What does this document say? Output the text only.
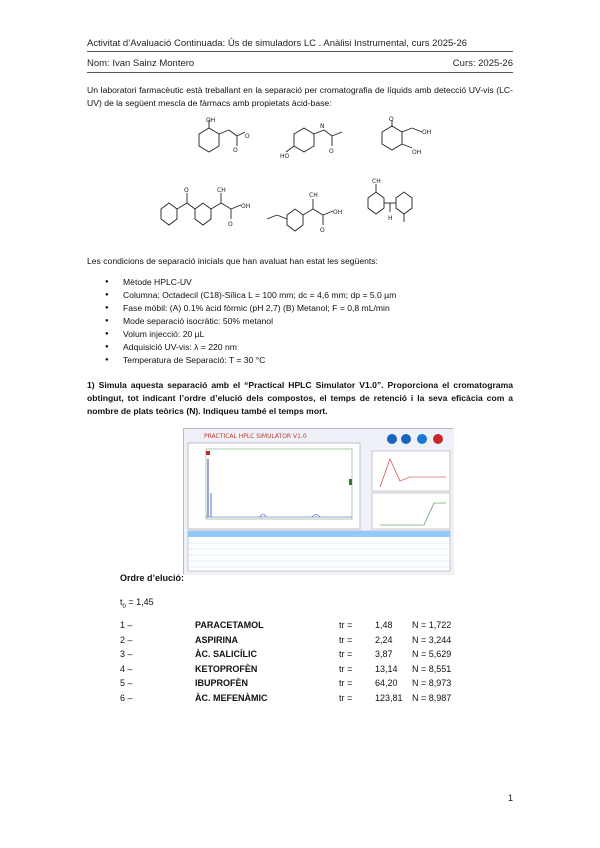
Activitat d’Avaluació Continuada: Ús de simuladors LC . Anàlisi Instrumental, curs 2025-26
Nom: Ivan Sainz Montero	Curs: 2025-26
Un laboratori farmacèutic està treballant en la separació per cromatografia de líquids amb detecció UV-vis (LC-UV) de la següent mescla de fàrmacs amb propietats àcid-base:
OH
O
O
N
O
HO
O
OH
OH
O	CH
OH
O
CH
OH
O
CH
H
Les condicions de separació inicials que han avaluat han estat les següents:
● Mètode HPLC-UV
● Columna: Octadecil (C18)-Sílica L = 100 mm; dc = 4,6 mm; dp = 5.0 µm
● Fase mòbil: (A) 0.1% àcid fòrmic (pH 2,7) (B) Metanol; F = 0,8 mL/min
● Mode separació isocràtic: 50% metanol
● Volum injecció: 20 µL
● Adquisició UV-vis: λ = 220 nm
● Temperatura de Separació: T = 30 °C
1) Simula aquesta separació amb el “Practical HPLC Simulator V1.0”. Proporciona el cromatograma obtingut, tot indicant l’ordre d’elució dels compostos, el temps de retenció i la seva eficàcia com a nombre de plats teòrics (N). Indiqueu també el temps mort.
PRACTICAL HPLC SIMULATOR V1.0
Ordre d’elució:
$t_0 = 1,45$
1 –	PARACETAMOL	tr =	1,48 N = 1,722
2 –	ASPIRINA	tr =	2,24 N = 3,244
3 –	ÀC. SALICÍLIC	tr =	3,87 N = 5,629
4 –	KETOPROFÈN	tr =	13,14 N = 8,551
5 –	IBUPROFÈN	tr =	64,20 N = 8,973
6 –	ÀC. MEFENÀMIC	tr =	123,81 N = 8,987
1
